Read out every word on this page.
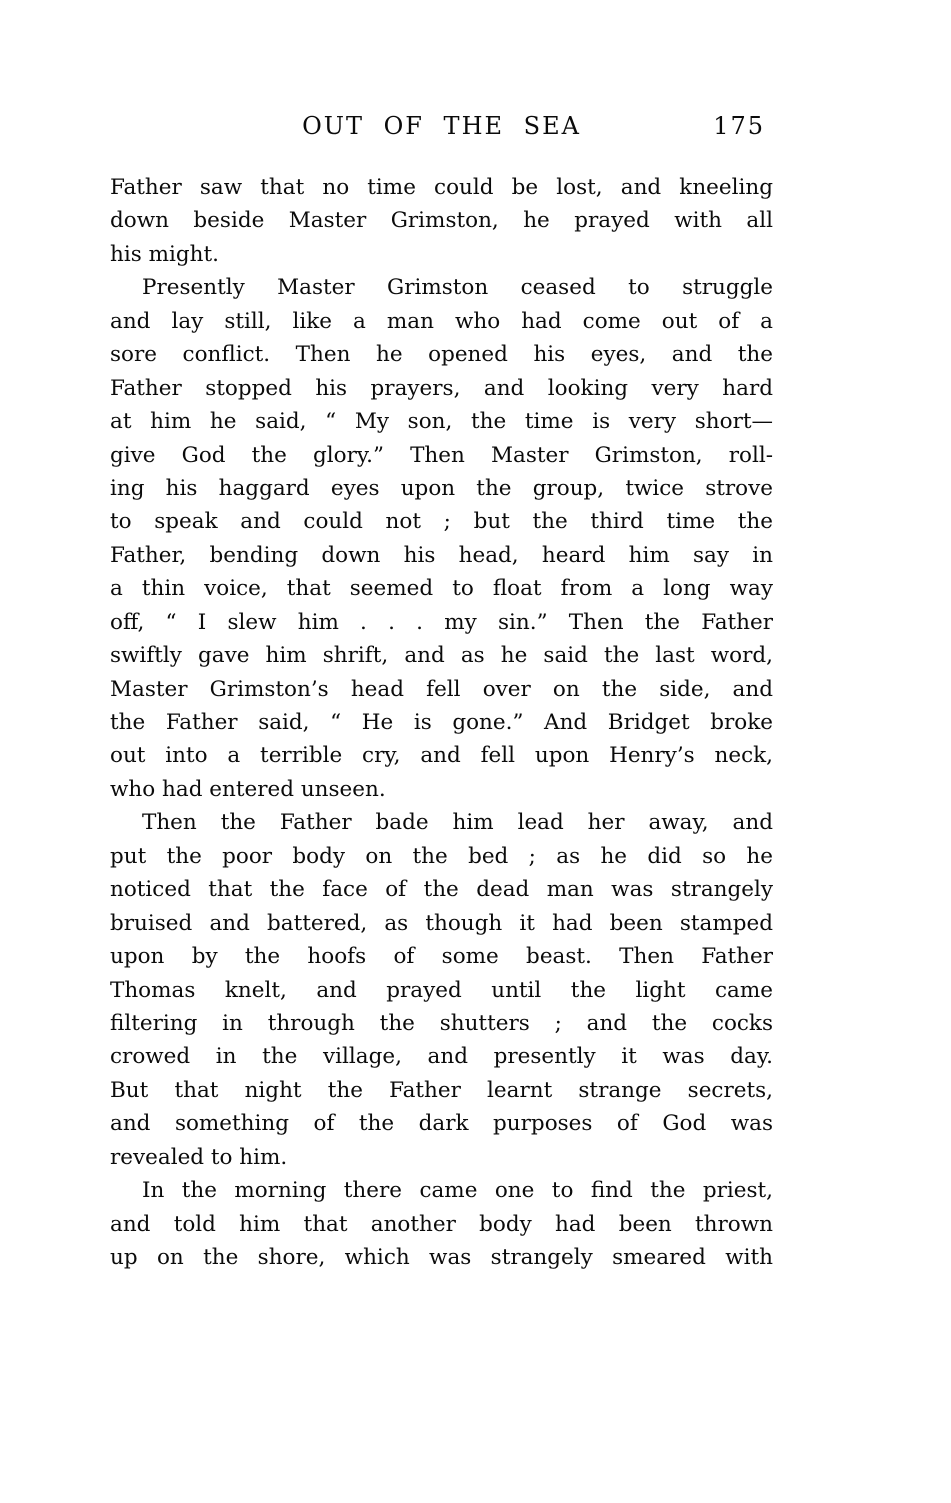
OUT OF THE SEA	175
Father saw that no time could be lost, and kneeling
down beside Master Grimston, he prayed with all
his might.
Presently Master Grimston ceased to struggle
and lay still, like a man who had come out of a
sore conflict. Then he opened his eyes, and the
Father stopped his prayers, and looking very hard
at him he said, “ My son, the time is very short—
give God the glory.” Then Master Grimston, roll-
ing his haggard eyes upon the group, twice strove
to speak and could not ; but the third time the
Father, bending down his head, heard him say in
a thin voice, that seemed to float from a long way
off, “ I slew him . . . my sin.” Then the Father
swiftly gave him shrift, and as he said the last word,
Master Grimston’s head fell over on the side, and
the Father said, “ He is gone.” And Bridget broke
out into a terrible cry, and fell upon Henry’s neck,
who had entered unseen.
Then the Father bade him lead her away, and
put the poor body on the bed ; as he did so he
noticed that the face of the dead man was strangely
bruised and battered, as though it had been stamped
upon by the hoofs of some beast. Then Father
Thomas knelt, and prayed until the light came
filtering in through the shutters ; and the cocks
crowed in the village, and presently it was day.
But that night the Father learnt strange secrets,
and something of the dark purposes of God was
revealed to him.
In the morning there came one to find the priest,
and told him that another body had been thrown
up on the shore, which was strangely smeared with
